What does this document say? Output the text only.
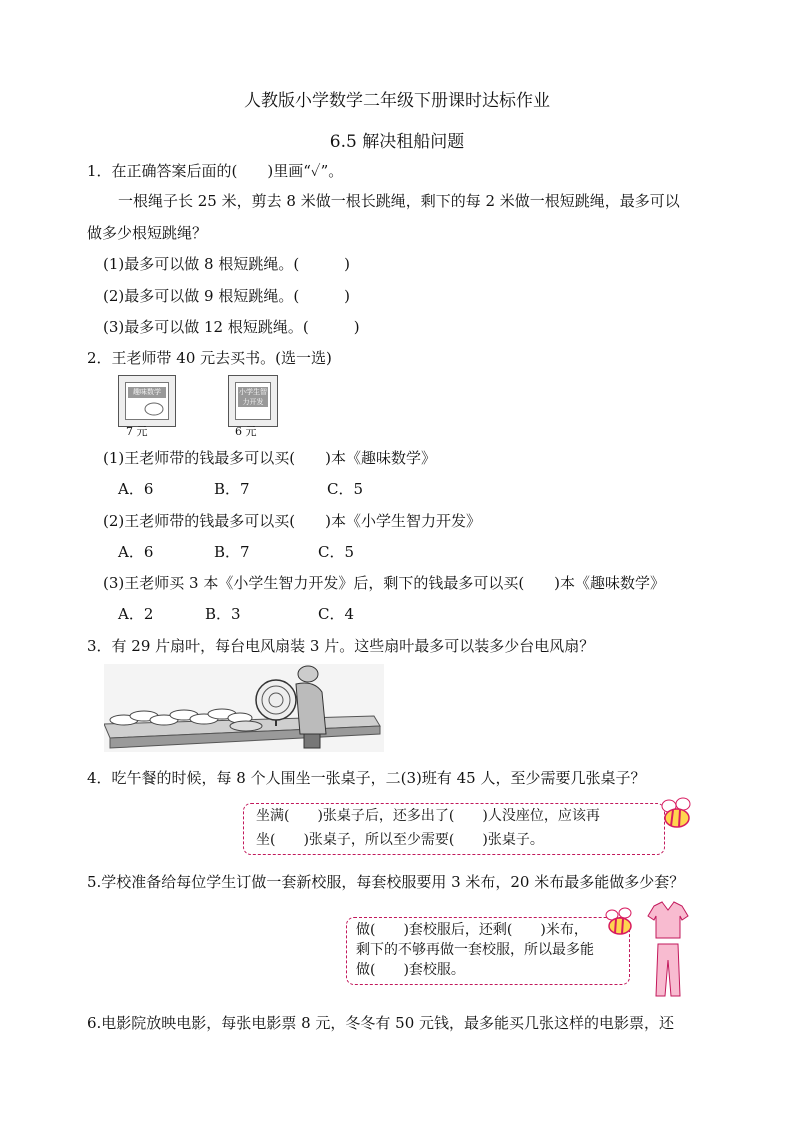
人教版小学数学二年级下册课时达标作业
6.5 解决租船问题
1．在正确答案后面的(　　)里画“✓”。
一根绳子长 25 米，剪去 8 米做一根长跳绳，剩下的每 2 米做一根短跳绳，最多可以
做多少根短跳绳？
(1)最多可以做 8 根短跳绳。(　　　)
(2)最多可以做 9 根短跳绳。(　　　)
(3)最多可以做 12 根短跳绳。(　　　)
2．王老师带 40 元去买书。(选一选)
趣味数学
7 元
小学生智力开发
6 元
(1)王老师带的钱最多可以买(　　)本《趣味数学》
A．6	B．7	C．5
(2)王老师带的钱最多可以买(　　)本《小学生智力开发》
A．6	B．7	C．5
(3)王老师买 3 本《小学生智力开发》后，剩下的钱最多可以买(　　)本《趣味数学》
A．2	B．3	C．4
3．有 29 片扇叶，每台电风扇装 3 片。这些扇叶最多可以装多少台电风扇？
4．吃午餐的时候，每 8 个人围坐一张桌子，二(3)班有 45 人，至少需要几张桌子？
坐满(　　)张桌子后，还多出了(　　)人没座位，应该再
坐(　　)张桌子，所以至少需要(　　)张桌子。
5.学校准备给每位学生订做一套新校服，每套校服要用 3 米布，20 米布最多能做多少套？
做(　　)套校服后，还剩(　　)米布，
剩下的不够再做一套校服，所以最多能
做(　　)套校服。
6.电影院放映电影，每张电影票 8 元，冬冬有 50 元钱，最多能买几张这样的电影票，还
